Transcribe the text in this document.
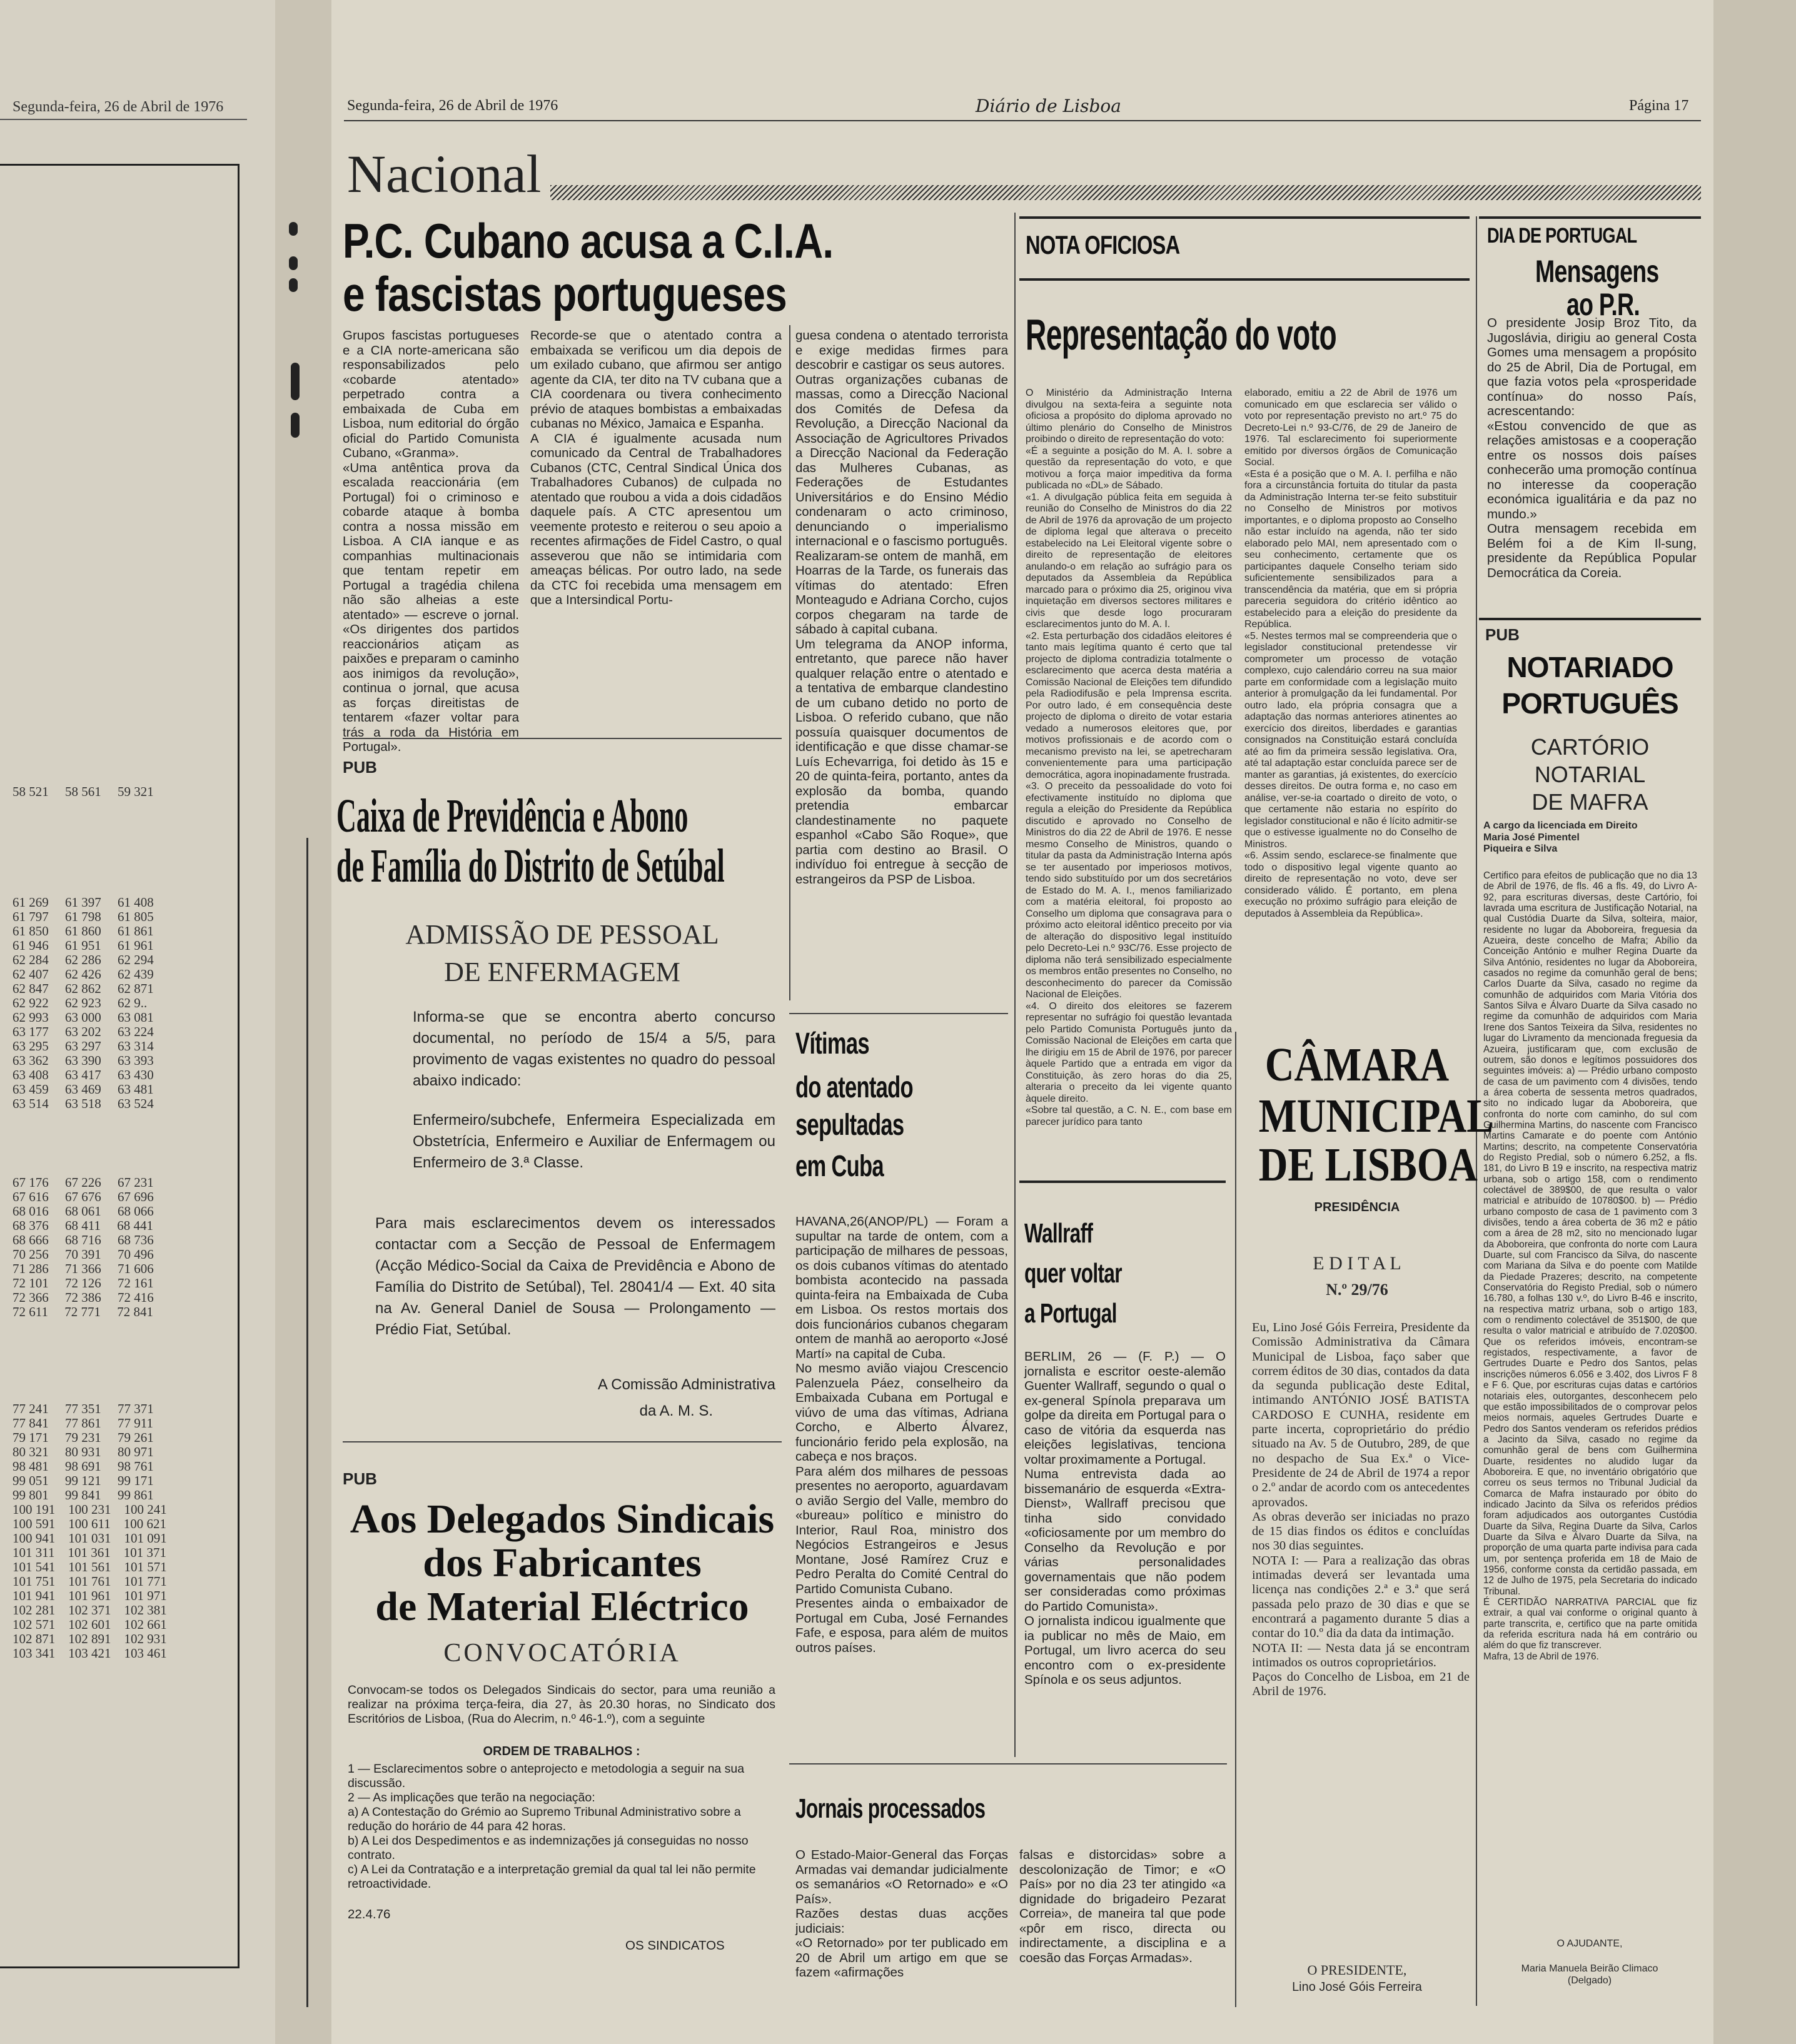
Segunda-feira, 26 de Abril de 1976
58 521     58 561     59 321
61 269     61 397     61 408
61 797     61 798     61 805
61 850     61 860     61 861
61 946     61 951     61 961
62 284     62 286     62 294
62 407     62 426     62 439
62 847     62 862     62 871
62 922     62 923     62 9..
62 993     63 000     63 081
63 177     63 202     63 224
63 295     63 297     63 314
63 362     63 390     63 393
63 408     63 417     63 430
63 459     63 469     63 481
63 514     63 518     63 524
67 176     67 226     67 231
67 616     67 676     67 696
68 016     68 061     68 066
68 376     68 411     68 441
68 666     68 716     68 736
70 256     70 391     70 496
71 286     71 366     71 606
72 101     72 126     72 161
72 366     72 386     72 416
72 611     72 771     72 841
77 241     77 351     77 371
77 841     77 861     77 911
79 171     79 231     79 261
80 321     80 931     80 971
98 481     98 691     98 761
99 051     99 121     99 171
99 801     99 841     99 861
100 191    100 231    100 241
100 591    100 611    100 621
100 941    101 031    101 091
101 311    101 361    101 371
101 541    101 561    101 571
101 751    101 761    101 771
101 941    101 961    101 971
102 281    102 371    102 381
102 571    102 601    102 661
102 871    102 891    102 931
103 341    103 421    103 461
Segunda-feira, 26 de Abril de 1976	Diário de Lisboa	Página 17
Nacional
P.C. Cubano acusa a C.I.A.
e fascistas portugueses
Grupos fascistas portugueses e a CIA norte-americana são responsabilizados pelo «cobarde atentado» perpetrado contra a embaixada de Cuba em Lisboa, num editorial do órgão oficial do Partido Comunista Cubano, «Granma».
«Uma antêntica prova da escalada reaccionária (em Portugal) foi o criminoso e cobarde ataque à bomba contra a nossa missão em Lisboa. A CIA ianque e as companhias multinacionais que tentam repetir em Portugal a tragédia chilena não são alheias a este atentado» — escreve o jornal. «Os dirigentes dos partidos reaccionários atiçam as paixões e preparam o caminho aos inimigos da revolução», continua o jornal, que acusa as forças direitistas de tentarem «fazer voltar para trás a roda da História em Portugal».
Recorde-se que o atentado contra a embaixada se verificou um dia depois de um exilado cubano, que afirmou ser antigo agente da CIA, ter dito na TV cubana que a CIA coordenara ou tivera conhecimento prévio de ataques bombistas a embaixadas cubanas no México, Jamaica e Espanha.
A CIA é igualmente acusada num comunicado da Central de Trabalhadores Cubanos (CTC, Central Sindical Única dos Trabalhadores Cubanos) de culpada no atentado que roubou a vida a dois cidadãos daquele país. A CTC apresentou um veemente protesto e reiterou o seu apoio a recentes afirmações de Fidel Castro, o qual asseverou que não se intimidaria com ameaças bélicas. Por outro lado, na sede da CTC foi recebida uma mensagem em que a Intersindical Portu-
guesa condena o atentado terrorista e exige medidas firmes para descobrir e castigar os seus autores.
Outras organizações cubanas de massas, como a Direcção Nacional dos Comités de Defesa da Revolução, a Direcção Nacional da Associação de Agricultores Privados a Direcção Nacional da Federação das Mulheres Cubanas, as Federações de Estudantes Universitários e do Ensino Médio condenaram o acto criminoso, denunciando o imperialismo internacional e o fascismo português.
Realizaram-se ontem de manhã, em Hoarras de la Tarde, os funerais das vítimas do atentado: Efren Monteagudo e Adriana Corcho, cujos corpos chegaram na tarde de sábado à capital cubana.
Um telegrama da ANOP informa, entretanto, que parece não haver qualquer relação entre o atentado e a tentativa de embarque clandestino de um cubano detido no porto de Lisboa. O referido cubano, que não possuía quaisquer documentos de identificação e que disse chamar-se Luís Echevarriga, foi detido às 15 e 20 de quinta-feira, portanto, antes da explosão da bomba, quando pretendia embarcar clandestinamente no paquete espanhol «Cabo São Roque», que partia com destino ao Brasil. O indivíduo foi entregue à secção de estrangeiros da PSP de Lisboa.
PUB
Caixa de Previdência e Abono
de Família do Distrito de Setúbal
ADMISSÃO DE PESSOAL
DE ENFERMAGEM
Informa-se que se encontra aberto concurso documental, no período de 15/4 a 5/5, para provimento de vagas existentes no quadro do pessoal abaixo indicado:
Enfermeiro/subchefe, Enfermeira Especializada em Obstetrícia, Enfermeiro e Auxiliar de Enfermagem ou Enfermeiro de 3.ª Classe.
Para mais esclarecimentos devem os interessados contactar com a Secção de Pessoal de Enfermagem (Acção Médico-Social da Caixa de Previdência e Abono de Família do Distrito de Setúbal), Tel. 28041/4 — Ext. 40 sita na Av. General Daniel de Sousa — Prolongamento — Prédio Fiat, Setúbal.
A Comissão Administrativa
da A. M. S.
PUB
Aos Delegados Sindicais
dos Fabricantes
de Material Eléctrico
CONVOCATÓRIA
Convocam-se todos os Delegados Sindicais do sector, para uma reunião a realizar na próxima terça-feira, dia 27, às 20.30 horas, no Sindicato dos Escritórios de Lisboa, (Rua do Alecrim, n.º 46-1.º), com a seguinte
ORDEM DE TRABALHOS :
1 — Esclarecimentos sobre o anteprojecto e metodologia a seguir na sua discussão.
2 — As implicações que terão na negociação:
a) A Contestação do Grémio ao Supremo Tribunal Administrativo sobre a redução do horário de 44 para 42 horas.
b) A Lei dos Despedimentos e as indemnizações já conseguidas no nosso contrato.
c) A Lei da Contratação e a interpretação gremial da qual tal lei não permite retroactividade.
22.4.76
OS SINDICATOS
Vítimas
do atentado
sepultadas
em Cuba
HAVANA,26(ANOP/PL) — Foram a supultar na tarde de ontem, com a participação de milhares de pessoas, os dois cubanos vítimas do atentado bombista acontecido na passada quinta-feira na Embaixada de Cuba em Lisboa. Os restos mortais dos dois funcionários cubanos chegaram ontem de manhã ao aeroporto «José Martí» na capital de Cuba.
No mesmo avião viajou Crescencio Palenzuela Páez, conselheiro da Embaixada Cubana em Portugal e viúvo de uma das vítimas, Adriana Corcho, e Alberto Álvarez, funcionário ferido pela explosão, na cabeça e nos braços.
Para além dos milhares de pessoas presentes no aeroporto, aguardavam o avião Sergio del Valle, membro do «bureau» político e ministro do Interior, Raul Roa, ministro dos Negócios Estrangeiros e Jesus Montane, José Ramírez Cruz e Pedro Peralta do Comité Central do Partido Comunista Cubano.
Presentes ainda o embaixador de Portugal em Cuba, José Fernandes Fafe, e esposa, para além de muitos outros países.
Jornais processados
O Estado-Maior-General das Forças Armadas vai demandar judicialmente os semanários «O Retornado» e «O País».
Razões destas duas acções judiciais:
«O Retornado» por ter publicado em 20 de Abril um artigo em que se fazem «afirmações
falsas e distorcidas» sobre a descolonização de Timor; e «O País» por no dia 23 ter atingido «a dignidade do brigadeiro Pezarat Correia», de maneira tal que pode «pôr em risco, directa ou indirectamente, a disciplina e a coesão das Forças Armadas».
Wallraff
quer voltar
a Portugal
BERLIM, 26 — (F. P.) — O jornalista e escritor oeste-alemão Guenter Wallraff, segundo o qual o ex-general Spínola preparava um golpe da direita em Portugal para o caso de vitória da esquerda nas eleições legislativas, tenciona voltar proximamente a Portugal.
Numa entrevista dada ao bissemanário de esquerda «Extra-Dienst», Wallraff precisou que tinha sido convidado «oficiosamente por um membro do Conselho da Revolução e por várias personalidades governamentais que não podem ser consideradas como próximas do Partido Comunista».
O jornalista indicou igualmente que ia publicar no mês de Maio, em Portugal, um livro acerca do seu encontro com o ex-presidente Spínola e os seus adjuntos.
NOTA OFICIOSA
Representação do voto
O Ministério da Administração Interna divulgou na sexta-feira a seguinte nota oficiosa a propósito do diploma aprovado no último plenário do Conselho de Ministros proibindo o direito de representação do voto:
«É a seguinte a posição do M. A. I. sobre a questão da representação do voto, e que motivou a força maior impeditiva da forma publicada no «DL» de Sábado.
«1. A divulgação pública feita em seguida à reunião do Conselho de Ministros do dia 22 de Abril de 1976 da aprovação de um projecto de diploma legal que alterava o preceito estabelecido na Lei Eleitoral vigente sobre o direito de representação de eleitores anulando-o em relação ao sufrágio para os deputados da Assembleia da República marcado para o próximo dia 25, originou viva inquietação em diversos sectores militares e civis que desde logo procuraram esclarecimentos junto do M. A. I.
«2. Esta perturbação dos cidadãos eleitores é tanto mais legítima quanto é certo que tal projecto de diploma contradizia totalmente o esclarecimento que acerca desta matéria a Comissão Nacional de Eleições tem difundido pela Radiodifusão e pela Imprensa escrita. Por outro lado, é em consequência deste projecto de diploma o direito de votar estaria vedado a numerosos eleitores que, por motivos profissionais e de acordo com o mecanismo previsto na lei, se apetrecharam convenientemente para uma participação democrática, agora inopinadamente frustrada.
«3. O preceito da pessoalidade do voto foi efectivamente instituído no diploma que regula a eleição do Presidente da República discutido e aprovado no Conselho de Ministros do dia 22 de Abril de 1976. E nesse mesmo Conselho de Ministros, quando o titular da pasta da Administração Interna após se ter ausentado por imperiosos motivos, tendo sido substituído por um dos secretários de Estado do M. A. I., menos familiarizado com a matéria eleitoral, foi proposto ao Conselho um diploma que consagrava para o próximo acto eleitoral idêntico preceito por via de alteração do dispositivo legal instituído pelo Decreto-Lei n.º 93C/76. Esse projecto de diploma não terá sensibilizado especialmente os membros então presentes no Conselho, no desconhecimento do parecer da Comissão Nacional de Eleições.
«4. O direito dos eleitores se fazerem representar no sufrágio foi questão levantada pelo Partido Comunista Português junto da Comissão Nacional de Eleições em carta que lhe dirigiu em 15 de Abril de 1976, por parecer àquele Partido que a entrada em vigor da Constituição, às zero horas do dia 25, alteraria o preceito da lei vigente quanto àquele direito.
«Sobre tal questão, a C. N. E., com base em parecer jurídico para tanto
elaborado, emitiu a 22 de Abril de 1976 um comunicado em que esclarecia ser válido o voto por representação previsto no art.º 75 do Decreto-Lei n.º 93-C/76, de 29 de Janeiro de 1976. Tal esclarecimento foi superiormente emitido por diversos órgãos de Comunicação Social.
«Esta é a posição que o M. A. I. perfilha e não fora a circunstância fortuita do titular da pasta da Administração Interna ter-se feito substituir no Conselho de Ministros por motivos importantes, e o diploma proposto ao Conselho não estar incluído na agenda, não ter sido elaborado pelo MAI, nem apresentado com o seu conhecimento, certamente que os participantes daquele Conselho teriam sido suficientemente sensibilizados para a transcendência da matéria, que em si própria pareceria seguidora do critério idêntico ao estabelecido para a eleição do presidente da República.
«5. Nestes termos mal se compreenderia que o legislador constitucional pretendesse vir comprometer um processo de votação complexo, cujo calendário correu na sua maior parte em conformidade com a legislação muito anterior à promulgação da lei fundamental. Por outro lado, ela própria consagra que a adaptação das normas anteriores atinentes ao exercício dos direitos, liberdades e garantias consignados na Constituição estará concluída até ao fim da primeira sessão legislativa. Ora, até tal adaptação estar concluída parece ser de manter as garantias, já existentes, do exercício desses direitos. De outra forma e, no caso em análise, ver-se-ia coartado o direito de voto, o que certamente não estaria no espírito do legislador constitucional e não é lícito admitir-se que o estivesse igualmente no do Conselho de Ministros.
«6. Assim sendo, esclarece-se finalmente que todo o dispositivo legal vigente quanto ao direito de representação no voto, deve ser considerado válido. É portanto, em plena execução no próximo sufrágio para eleição de deputados à Assembleia da República».
CÂMARA
MUNICIPAL
DE LISBOA
PRESIDÊNCIA
E D I T A L
N.º 29/76
Eu, Lino José Góis Ferreira, Presidente da Comissão Administrativa da Câmara Municipal de Lisboa, faço saber que correm éditos de 30 dias, contados da data da segunda publicação deste Edital, intimando ANTÓNIO JOSÉ BATISTA CARDOSO E CUNHA, residente em parte incerta, coproprietário do prédio situado na Av. 5 de Outubro, 289, de que no despacho de Sua Ex.ª o Vice-Presidente de 24 de Abril de 1974 a repor o 2.º andar de acordo com os antecedentes aprovados.
As obras deverão ser iniciadas no prazo de 15 dias findos os éditos e concluídas nos 30 dias seguintes.
NOTA I: — Para a realização das obras intimadas deverá ser levantada uma licença nas condições 2.ª e 3.ª que será passada pelo prazo de 30 dias e que se encontrará a pagamento durante 5 dias a contar do 10.º dia da data da intimação.
NOTA II: — Nesta data já se encontram intimados os outros coproprietários.
Paços do Concelho de Lisboa, em 21 de Abril de 1976.
O PRESIDENTE,
Lino José Góis Ferreira
DIA DE PORTUGAL
Mensagens
ao P.R.
O presidente Josip Broz Tito, da Jugoslávia, dirigiu ao general Costa Gomes uma mensagem a propósito do 25 de Abril, Dia de Portugal, em que fazia votos pela «prosperidade contínua» do nosso País, acrescentando:
«Estou convencido de que as relações amistosas e a cooperação entre os nossos dois países conhecerão uma promoção contínua no interesse da cooperação económica igualitária e da paz no mundo.»
Outra mensagem recebida em Belém foi a de Kim Il-sung, presidente da República Popular Democrática da Coreia.
PUB
NOTARIADO
PORTUGUÊS
CARTÓRIO
NOTARIAL
DE MAFRA
A cargo da licenciada em Direito
Maria José Pimentel
Piqueira e Silva
Certifico para efeitos de publicação que no dia 13 de Abril de 1976, de fls. 46 a fls. 49, do Livro A-92, para escrituras diversas, deste Cartório, foi lavrada uma escritura de Justificação Notarial, na qual Custódia Duarte da Silva, solteira, maior, residente no lugar da Aboboreira, freguesia da Azueira, deste concelho de Mafra; Abílio da Conceição António e mulher Regina Duarte da Silva António, residentes no lugar da Aboboreira, casados no regime da comunhão geral de bens; Carlos Duarte da Silva, casado no regime da comunhão de adquiridos com Maria Vitória dos Santos Silva e Álvaro Duarte da Silva casado no regime da comunhão de adquiridos com Maria Irene dos Santos Teixeira da Silva, residentes no lugar do Livramento da mencionada freguesia da Azueira, justificaram que, com exclusão de outrem, são donos e legítimos possuidores dos seguintes imóveis: a) — Prédio urbano composto de casa de um pavimento com 4 divisões, tendo a área coberta de sessenta metros quadrados, sito no indicado lugar da Aboboreira, que confronta do norte com caminho, do sul com Guilhermina Martins, do nascente com Francisco Martins Camarate e do poente com António Martins; descrito, na competente Conservatória do Registo Predial, sob o número 6.252, a fls. 181, do Livro B 19 e inscrito, na respectiva matriz urbana, sob o artigo 158, com o rendimento colectável de 389$00, de que resulta o valor matricial e atribuído de 10780$00. b) — Prédio urbano composto de casa de 1 pavimento com 3 divisões, tendo a área coberta de 36 m2 e pátio com a área de 28 m2, sito no mencionado lugar da Aboboreira, que confronta do norte com Laura Duarte, sul com Francisco da Silva, do nascente com Mariana da Silva e do poente com Matilde da Piedade Prazeres; descrito, na competente Conservatória do Registo Predial, sob o número 16.780, a folhas 130 v.º, do Livro B-46 e inscrito, na respectiva matriz urbana, sob o artigo 183, com o rendimento colectável de 351$00, de que resulta o valor matricial e atribuído de 7.020$00. Que os referidos imóveis, encontram-se registados, respectivamente, a favor de Gertrudes Duarte e Pedro dos Santos, pelas inscrições números 6.056 e 3.402, dos Livros F 8 e F 6. Que, por escrituras cujas datas e cartórios notariais eles, outorgantes, desconhecem pelo que estão impossibilitados de o comprovar pelos meios normais, aqueles Gertrudes Duarte e Pedro dos Santos venderam os referidos prédios a Jacinto da Silva, casado no regime da comunhão geral de bens com Guilhermina Duarte, residentes no aludido lugar da Aboboreira. E que, no inventário obrigatório que correu os seus termos no Tribunal Judicial da Comarca de Mafra instaurado por óbito do indicado Jacinto da Silva os referidos prédios foram adjudicados aos outorgantes Custódia Duarte da Silva, Regina Duarte da Silva, Carlos Duarte da Silva e Álvaro Duarte da Silva, na proporção de uma quarta parte indivisa para cada um, por sentença proferida em 18 de Maio de 1956, conforme consta da certidão passada, em 12 de Julho de 1975, pela Secretaria do indicado Tribunal.
É CERTIDÃO NARRATIVA PARCIAL que fiz extrair, a qual vai conforme o original quanto à parte transcrita, e, certifico que na parte omitida da referida escritura nada há em contrário ou além do que fiz transcrever.
Mafra, 13 de Abril de 1976.
O AJUDANTE,
Maria Manuela Beirão Climaco
(Delgado)
